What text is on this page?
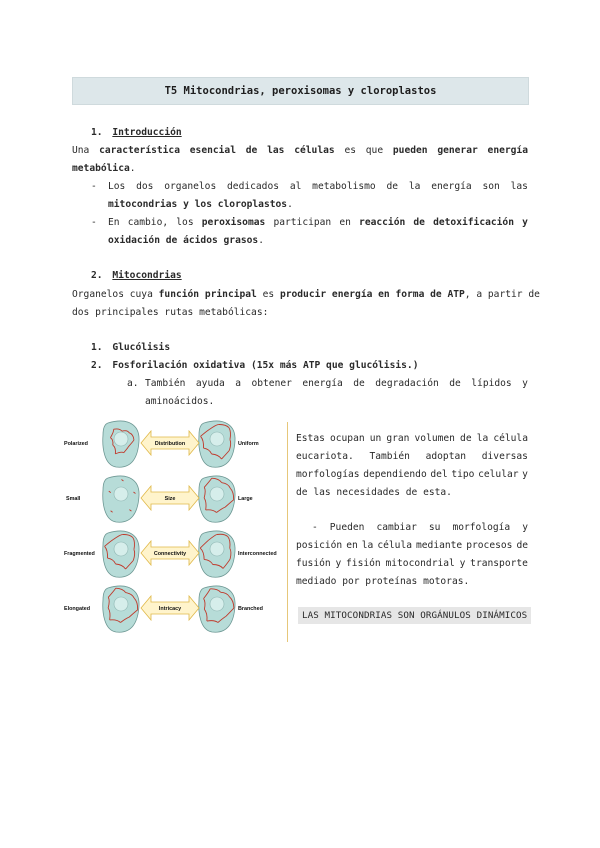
T5 Mitocondrias, peroxisomas y cloroplastos
1. Introducción
Una característica esencial de las células es que pueden generar energía
metabólica.
- Los dos organelos dedicados al metabolismo de la energía son las
mitocondrias y los cloroplastos.
- En cambio, los peroxisomas participan en reacción de detoxificación y
oxidación de ácidos grasos.
2. Mitocondrias
Organelos cuya función principal es producir energía en forma de ATP, a partir de
dos principales rutas metabólicas:
1. Glucólisis
2. Fosforilación oxidativa (15x más ATP que glucólisis.)
a. También ayuda a obtener energía de degradación de lípidos y
aminoácidos.
Polarized	Distribution	Uniform
Small	Size	Large
Fragmented	Connectivity	Interconnected
Elongated	Intricacy	Branched
Estas ocupan un gran volumen de la célula
eucariota. También adoptan diversas
morfologías dependiendo del tipo celular y
de las necesidades de esta.
- Pueden cambiar su morfología y
posición en la célula mediante procesos de
fusión y fisión mitocondrial y transporte
mediado por proteínas motoras.
LAS MITOCONDRIAS SON ORGÁNULOS DINÁMICOS
